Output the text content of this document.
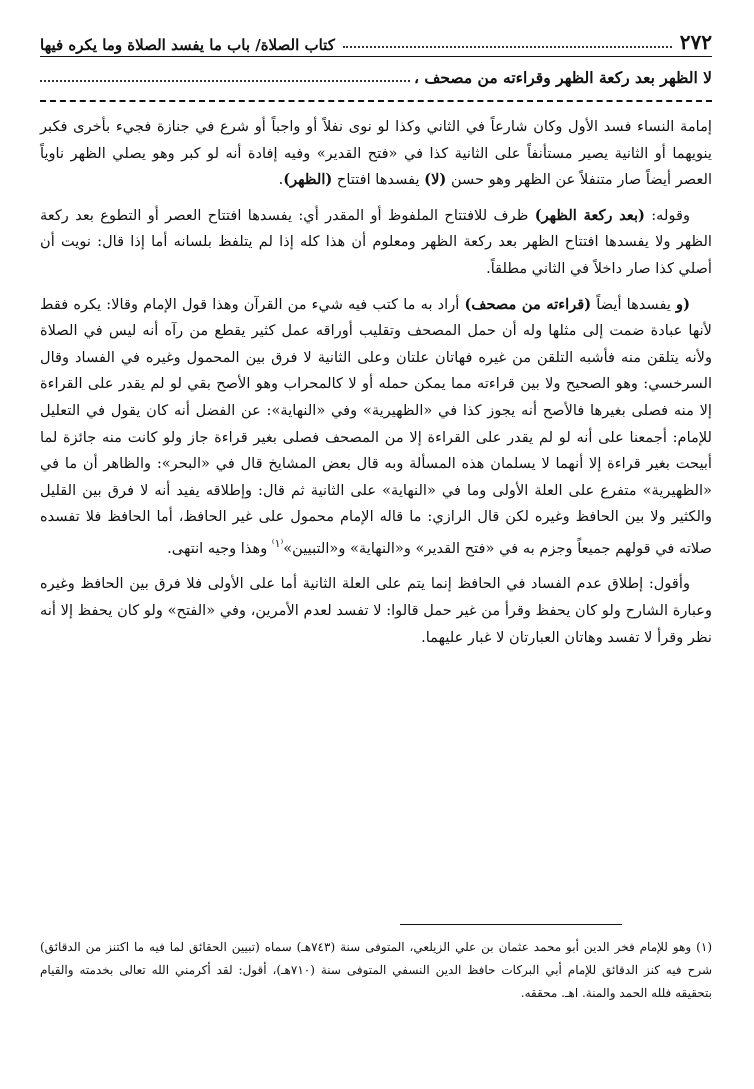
٢٧٢
كتاب الصلاة/ باب ما يفسد الصلاة وما يكره فيها
لا الظهر بعد ركعة الظهر وقراءته من مصحف ،

إمامة النساء فسد الأول وكان شارعاً في الثاني وكذا لو نوى نفلاً أو واجباً أو شرع في جنازة فجيء بأخرى فكبر ينويهما أو الثانية يصير مستأنفاً على الثانية كذا في «فتح القدير» وفيه إفادة أنه لو كبر وهو يصلي الظهر ناوياً العصر أيضاً صار متنفلاً عن الظهر وهو حسن (لا) يفسدها افتتاح (الظهر).

وقوله: (بعد ركعة الظهر) ظرف للافتتاح الملفوظ أو المقدر أي: يفسدها افتتاح العصر أو التطوع بعد ركعة الظهر ولا يفسدها افتتاح الظهر بعد ركعة الظهر ومعلوم أن هذا كله إذا لم يتلفظ بلسانه أما إذا قال: نويت أن أصلي كذا صار داخلاً في الثاني مطلقاً.

(و يفسدها أيضاً (قراءته من مصحف) أراد به ما كتب فيه شيء من القرآن وهذا قول الإمام وقالا: يكره فقط لأنها عبادة ضمت إلى مثلها وله أن حمل المصحف وتقليب أوراقه عمل كثير يقطع من رآه أنه ليس في الصلاة ولأنه يتلقن منه فأشبه التلقن من غيره فهاتان علتان وعلى الثانية لا فرق بين المحمول وغيره في الفساد وقال السرخسي: وهو الصحيح ولا بين قراءته مما يمكن حمله أو لا كالمحراب وهو الأصح بقي لو لم يقدر على القراءة إلا منه فصلى بغيرها فالأصح أنه يجوز كذا في «الظهيرية» وفي «النهاية»: عن الفضل أنه كان يقول في التعليل للإمام: أجمعنا على أنه لو لم يقدر على القراءة إلا من المصحف فصلى بغير قراءة جاز ولو كانت منه جائزة لما أبيحت بغير قراءة إلا أنهما لا يسلمان هذه المسألة وبه قال بعض المشايخ قال في «البحر»: والظاهر أن ما في «الظهيرية» متفرع على العلة الأولى وما في «النهاية» على الثانية ثم قال: وإطلاقه يفيد أنه لا فرق بين القليل والكثير ولا بين الحافظ وغيره لكن قال الرازي: ما قاله الإمام محمول على غير الحافظ، أما الحافظ فلا تفسده صلاته في قولهم جميعاً وجزم به في «فتح القدير» و«النهاية» و«التبيين»$^{^(١^)}$ وهذا وجيه انتهى.

وأقول: إطلاق عدم الفساد في الحافظ إنما يتم على العلة الثانية أما على الأولى فلا فرق بين الحافظ وغيره وعبارة الشارح ولو كان يحفظ وقرأ من غير حمل قالوا: لا تفسد لعدم الأمرين، وفي «الفتح» ولو كان يحفظ إلا أنه نظر وقرأ لا تفسد وهاتان العبارتان لا غبار عليهما.

(١) وهو للإمام فخر الدين أبو محمد عثمان بن علي الزيلعي، المتوفى سنة (٧٤٣هـ) سماه (تبيين الحقائق لما فيه ما اكتنز من الدقائق) شرح فيه كنز الدقائق للإمام أبي البركات حافظ الدين النسفي المتوفى سنة (٧١٠هـ)، أقول: لقد أكرمني الله تعالى بخدمته والقيام بتحقيقه فلله الحمد والمنة. اهـ. محققه.
